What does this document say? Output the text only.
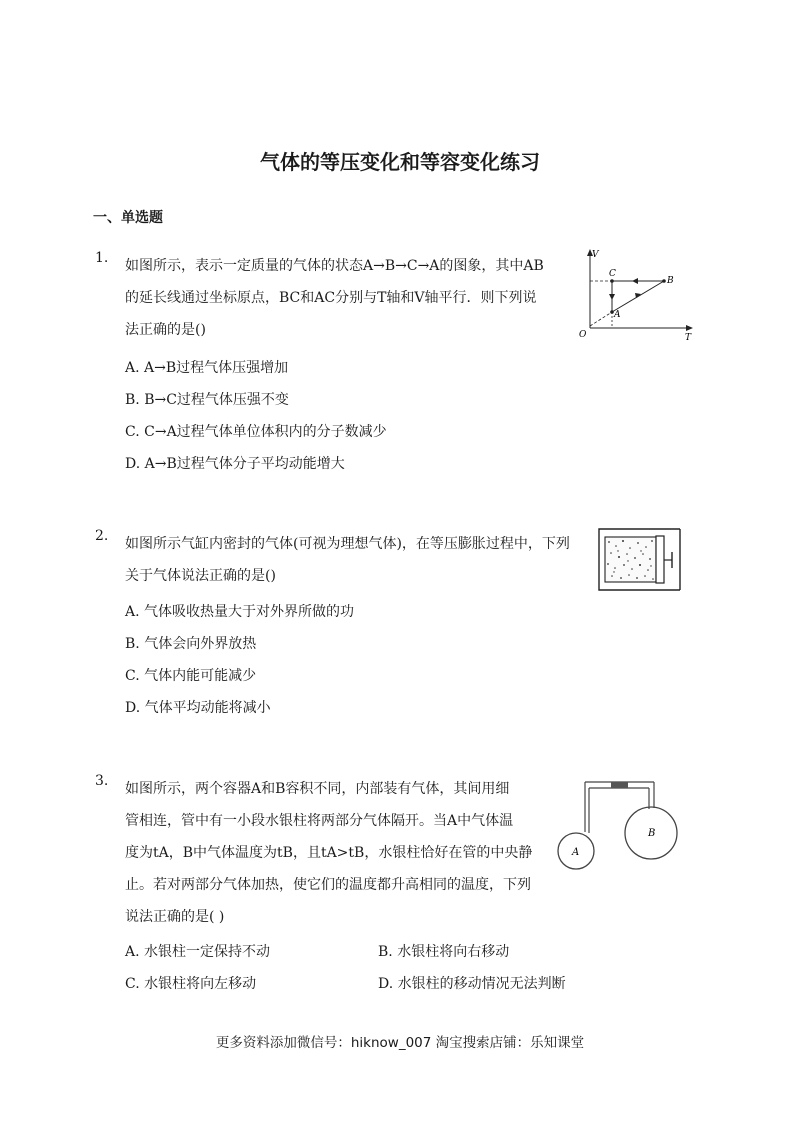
气体的等压变化和等容变化练习
一、单选题
1. 如图所示，表示一定质量的气体的状态A→B→C→A的图象，其中AB
的延长线通过坐标原点，BC和AC分别与T轴和V轴平行．则下列说
法正确的是()
A. A→B过程气体压强增加
B. B→C过程气体压强不变
C. C→A过程气体单位体积内的分子数减少
D. A→B过程气体分子平均动能增大
V
T
O
C
B
A
2. 如图所示气缸内密封的气体(可视为理想气体)，在等压膨胀过程中，下列
关于气体说法正确的是()
A. 气体吸收热量大于对外界所做的功
B. 气体会向外界放热
C. 气体内能可能减少
D. 气体平均动能将减小
3. 如图所示，两个容器A和B容积不同，内部装有气体，其间用细
管相连，管中有一小段水银柱将两部分气体隔开。当A中气体温
度为tA，B中气体温度为tB，且tA>tB，水银柱恰好在管的中央静
止。若对两部分气体加热，使它们的温度都升高相同的温度，下列
说法正确的是( )
A. 水银柱一定保持不动	B. 水银柱将向右移动
C. 水银柱将向左移动	D. 水银柱的移动情况无法判断
A
B
更多资料添加微信号：hiknow_007 淘宝搜索店铺：乐知课堂
